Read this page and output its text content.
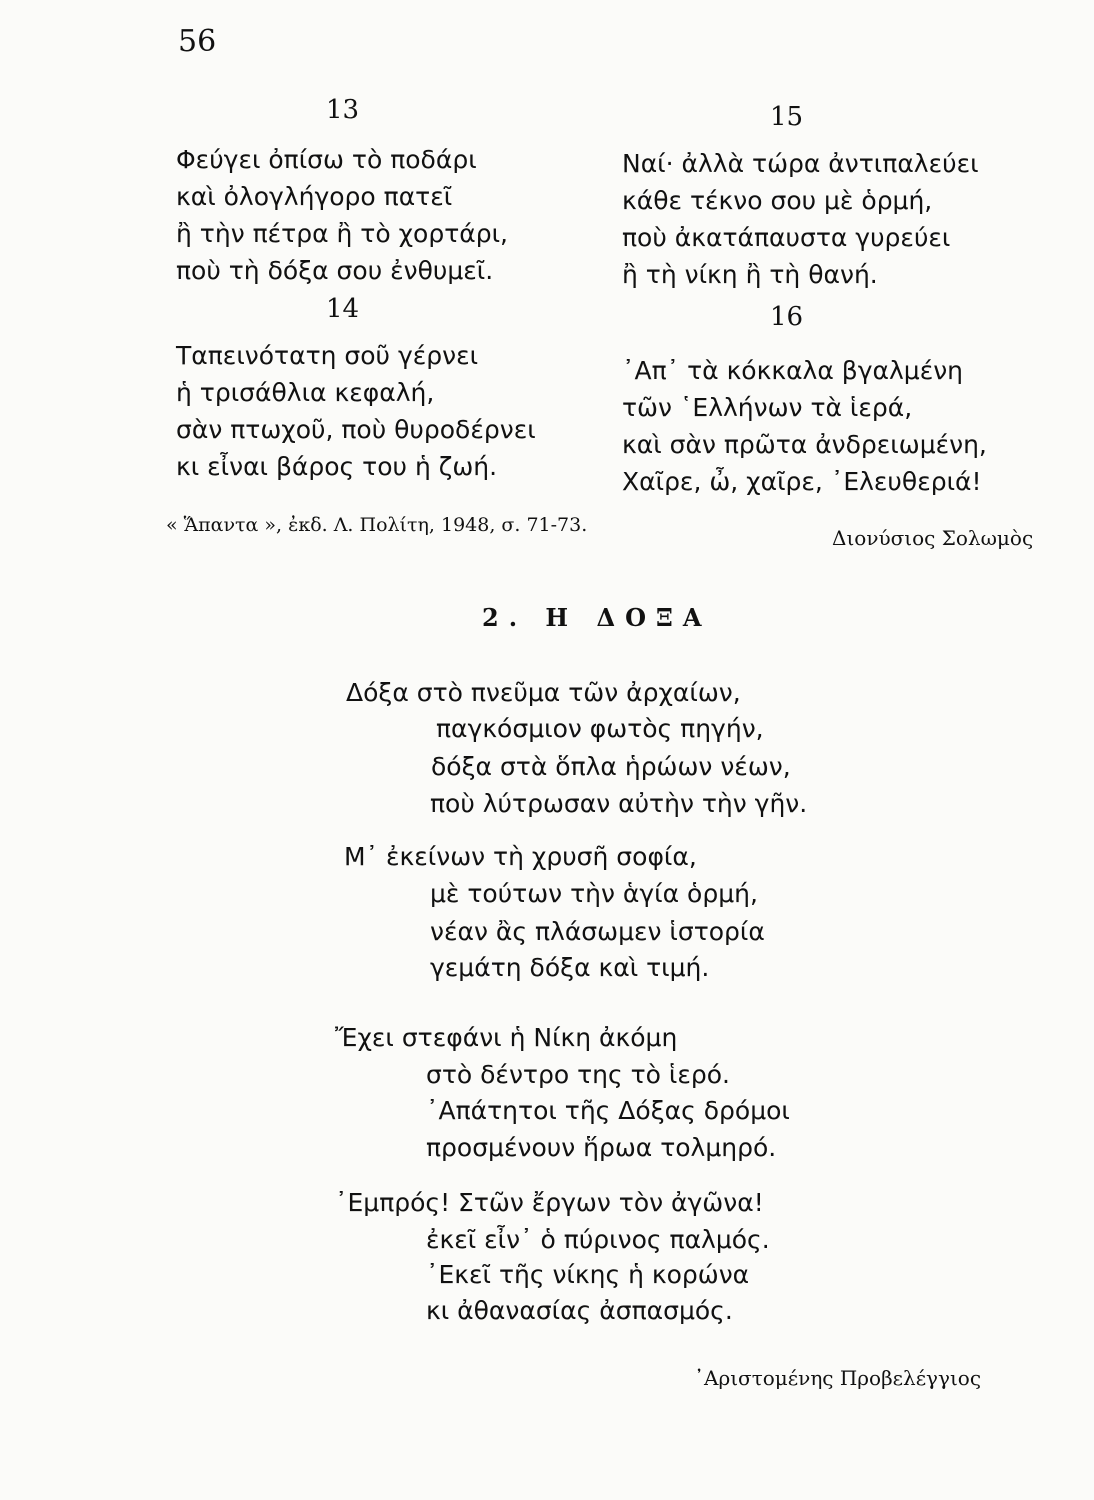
56
13
Φεύγει ὀπίσω τὸ ποδάρι
καὶ ὀλογλήγορο πατεῖ
ἢ τὴν πέτρα ἢ τὸ χορτάρι,
ποὺ τὴ δόξα σου ἐνθυμεῖ.
14
Ταπεινότατη σοῦ γέρνει
ἡ τρισάθλια κεφαλή,
σὰν πτωχοῦ, ποὺ θυροδέρνει
κι εἶναι βάρος του ἡ ζωή.
15
Ναί· ἀλλὰ τώρα ἀντιπαλεύει
κάθε τέκνο σου μὲ ὁρμή,
ποὺ ἀκατάπαυστα γυρεύει
ἢ τὴ νίκη ἢ τὴ θανή.
16
᾿Απ᾿ τὰ κόκκαλα βγαλμένη
τῶν ῾Ελλήνων τὰ ἱερά,
καὶ σὰν πρῶτα ἀνδρειωμένη,
Χαῖρε, ὦ, χαῖρε, ᾿Ελευθεριά!
« Ἅπαντα », ἐκδ. Λ. Πολίτη, 1948, σ. 71-73.
Διονύσιος Σολωμὸς
2. Η ΔΟΞΑ
Δόξα στὸ πνεῦμα τῶν ἀρχαίων,
παγκόσμιον φωτὸς πηγήν,
δόξα στὰ ὅπλα ἡρώων νέων,
ποὺ λύτρωσαν αὐτὴν τὴν γῆν.
Μ᾿ ἐκείνων τὴ χρυσῆ σοφία,
μὲ τούτων τὴν ἁγία ὁρμή,
νέαν ἂς πλάσωμεν ἱστορία
γεμάτη δόξα καὶ τιμή.
Ἔχει στεφάνι ἡ Νίκη ἀκόμη
στὸ δέντρο της τὸ ἱερό.
᾿Απάτητοι τῆς Δόξας δρόμοι
προσμένουν ἥρωα τολμηρό.
᾿Εμπρός! Στῶν ἔργων τὸν ἀγῶνα!
ἐκεῖ εἶν᾿ ὁ πύρινος παλμός.
᾿Εκεῖ τῆς νίκης ἡ κορώνα
κι ἀθανασίας ἀσπασμός.
᾿Αριστομένης Προβελέγγιος
